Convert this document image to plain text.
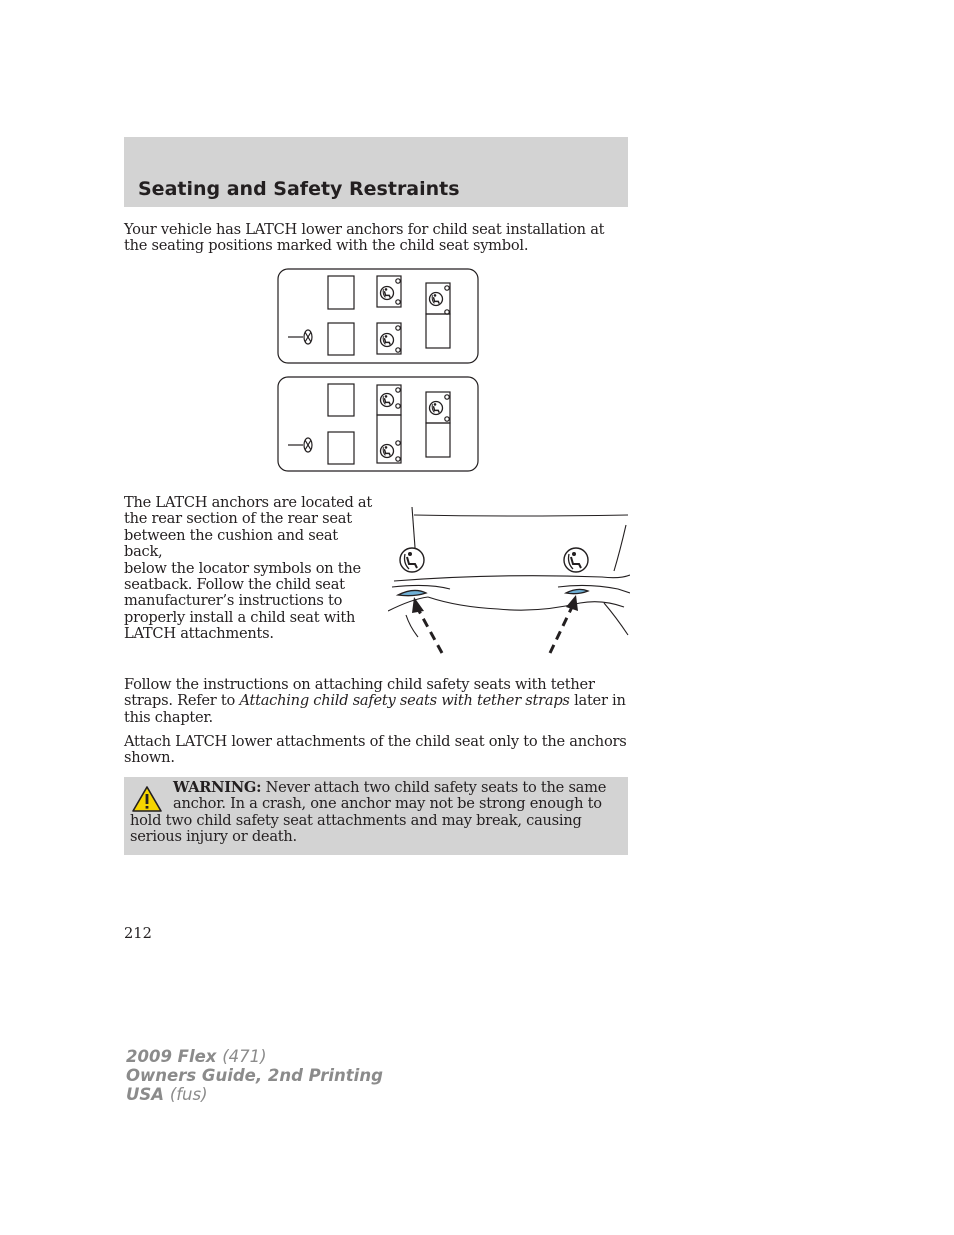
Seating and Safety Restraints

Your vehicle has LATCH lower anchors for child seat installation at the seating positions marked with the child seat symbol.

The LATCH anchors are located at
the rear section of the rear seat
between the cushion and seat back,
below the locator symbols on the
seatback. Follow the child seat
manufacturer’s instructions to
properly install a child seat with
LATCH attachments.

Follow the instructions on attaching child safety seats with tether straps. Refer to Attaching child safety seats with tether straps later in this chapter.

Attach LATCH lower attachments of the child seat only to the anchors shown.

WARNING: Never attach two child safety seats to the same anchor. In a crash, one anchor may not be strong enough to hold two child safety seat attachments and may break, causing serious injury or death.

212
2009 Flex (471)
Owners Guide, 2nd Printing
USA (fus)
